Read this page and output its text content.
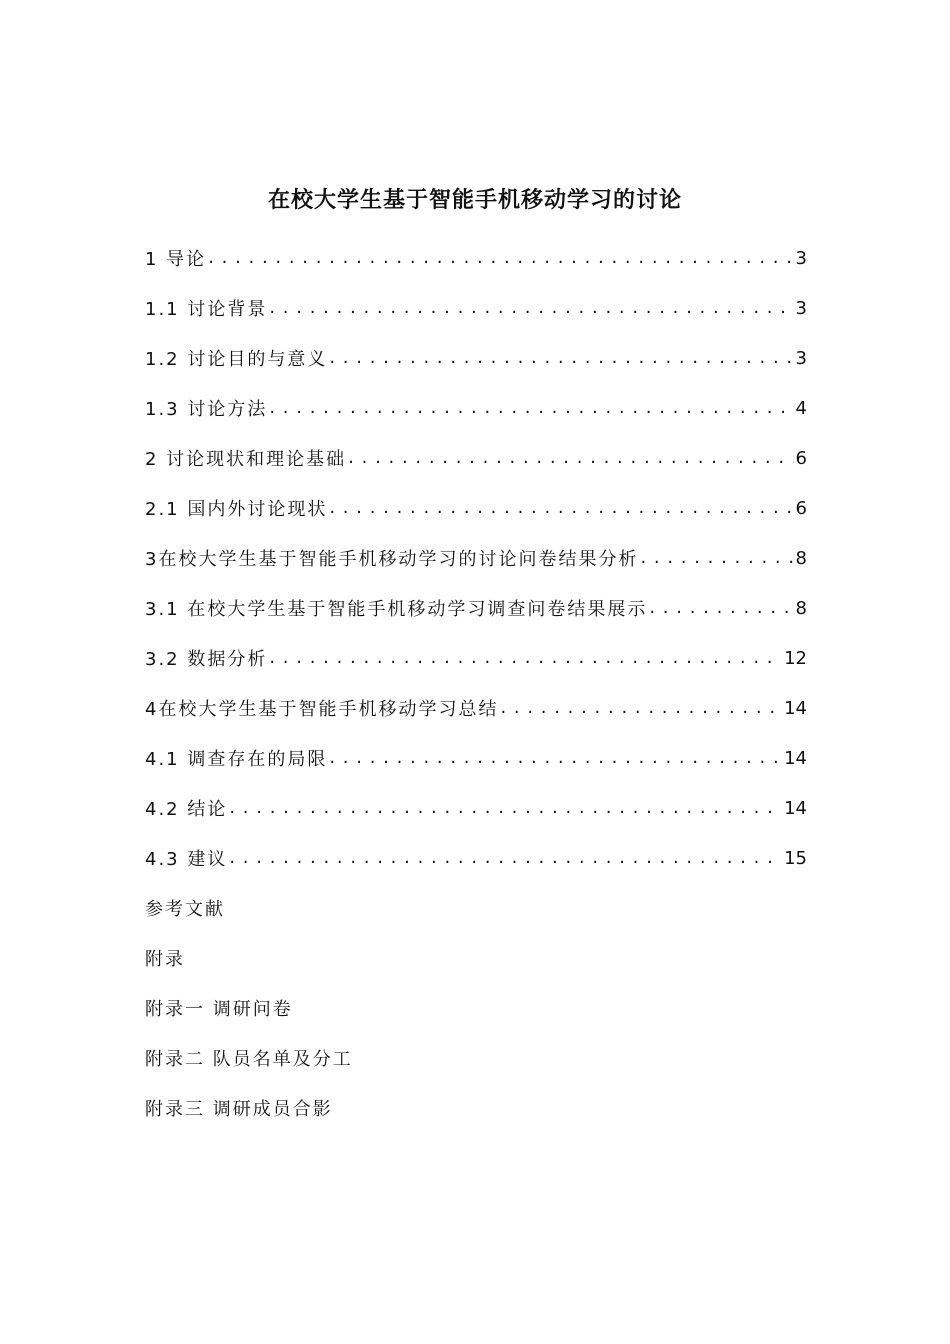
在校大学生基于智能手机移动学习的讨论
1 导论 . . .	3
1.1 讨论背景 . . .	3
1.2 讨论目的与意义 . . .	3
1.3 讨论方法 . . .	4
2 讨论现状和理论基础 . . .	6
2.1 国内外讨论现状 . . .	6
3在校大学生基于智能手机移动学习的讨论问卷结果分析 . . .	8
3.1 在校大学生基于智能手机移动学习调查问卷结果展示 . . .	8
3.2 数据分析 . . .	12
4在校大学生基于智能手机移动学习总结 . . .	14
4.1 调查存在的局限 . . .	14
4.2 结论 . . .	14
4.3 建议 . . .	15
参考文献
附录
附录一 调研问卷
附录二 队员名单及分工
附录三 调研成员合影
